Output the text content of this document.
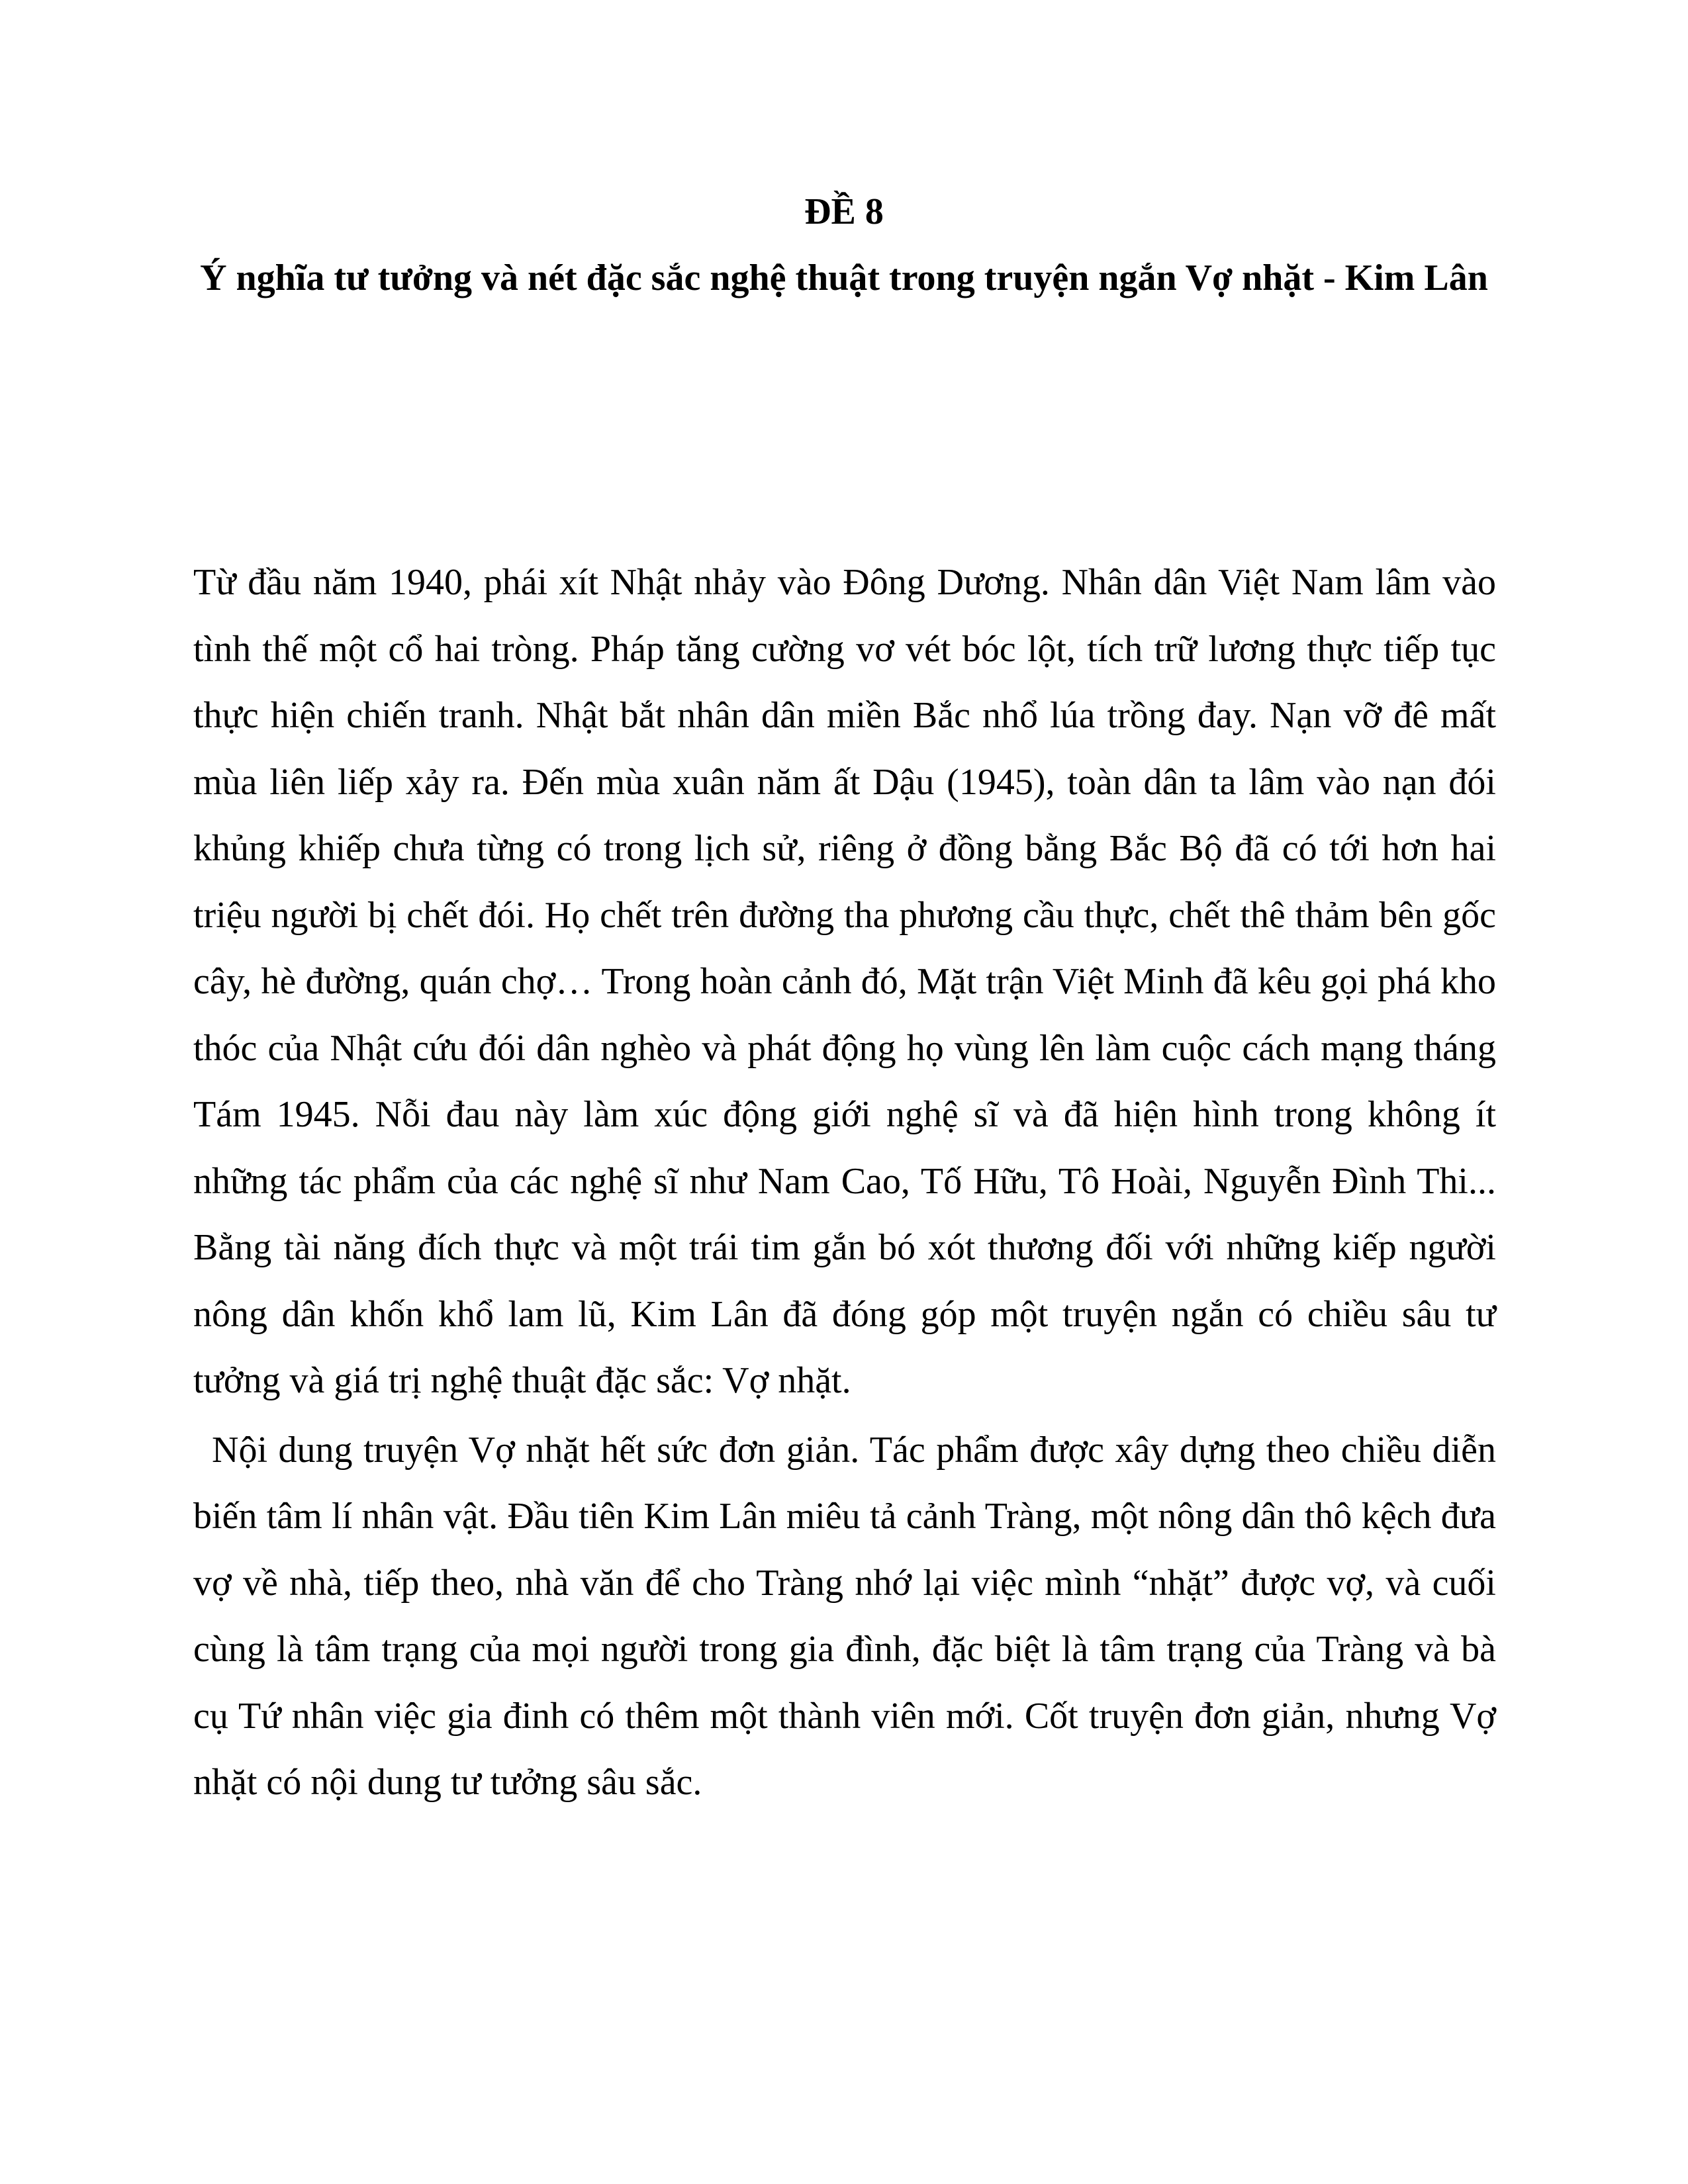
ĐỀ 8
Ý nghĩa tư tưởng và nét đặc sắc nghệ thuật trong truyện ngắn Vợ nhặt - Kim Lân

Từ đầu năm 1940, phái xít Nhật nhảy vào Đông Dương. Nhân dân Việt Nam lâm vào tình thế một cổ hai tròng. Pháp tăng cường vơ vét bóc lột, tích trữ lương thực tiếp tục thực hiện chiến tranh. Nhật bắt nhân dân miền Bắc nhổ lúa trồng đay. Nạn vỡ đê mất mùa liên liếp xảy ra. Đến mùa xuân năm ất Dậu (1945), toàn dân ta lâm vào nạn đói khủng khiếp chưa từng có trong lịch sử, riêng ở đồng bằng Bắc Bộ đã có tới hơn hai triệu người bị chết đói. Họ chết trên đường tha phương cầu thực, chết thê thảm bên gốc cây, hè đường, quán chợ… Trong hoàn cảnh đó, Mặt trận Việt Minh đã kêu gọi phá kho thóc của Nhật cứu đói dân nghèo và phát động họ vùng lên làm cuộc cách mạng tháng Tám 1945. Nỗi đau này làm xúc động giới nghệ sĩ và đã hiện hình trong không ít những tác phẩm của các nghệ sĩ như Nam Cao, Tố Hữu, Tô Hoài, Nguyễn Đình Thi... Bằng tài năng đích thực và một trái tim gắn bó xót thương đối với những kiếp người nông dân khốn khổ lam lũ, Kim Lân đã đóng góp một truyện ngắn có chiều sâu tư tưởng và giá trị nghệ thuật đặc sắc: Vợ nhặt.

Nội dung truyện Vợ nhặt hết sức đơn giản. Tác phẩm được xây dựng theo chiều diễn biến tâm lí nhân vật. Đầu tiên Kim Lân miêu tả cảnh Tràng, một nông dân thô kệch đưa vợ về nhà, tiếp theo, nhà văn để cho Tràng nhớ lại việc mình “nhặt” được vợ, và cuối cùng là tâm trạng của mọi người trong gia đình, đặc biệt là tâm trạng của Tràng và bà cụ Tứ nhân việc gia đinh có thêm một thành viên mới. Cốt truyện đơn giản, nhưng Vợ nhặt có nội dung tư tưởng sâu sắc.
